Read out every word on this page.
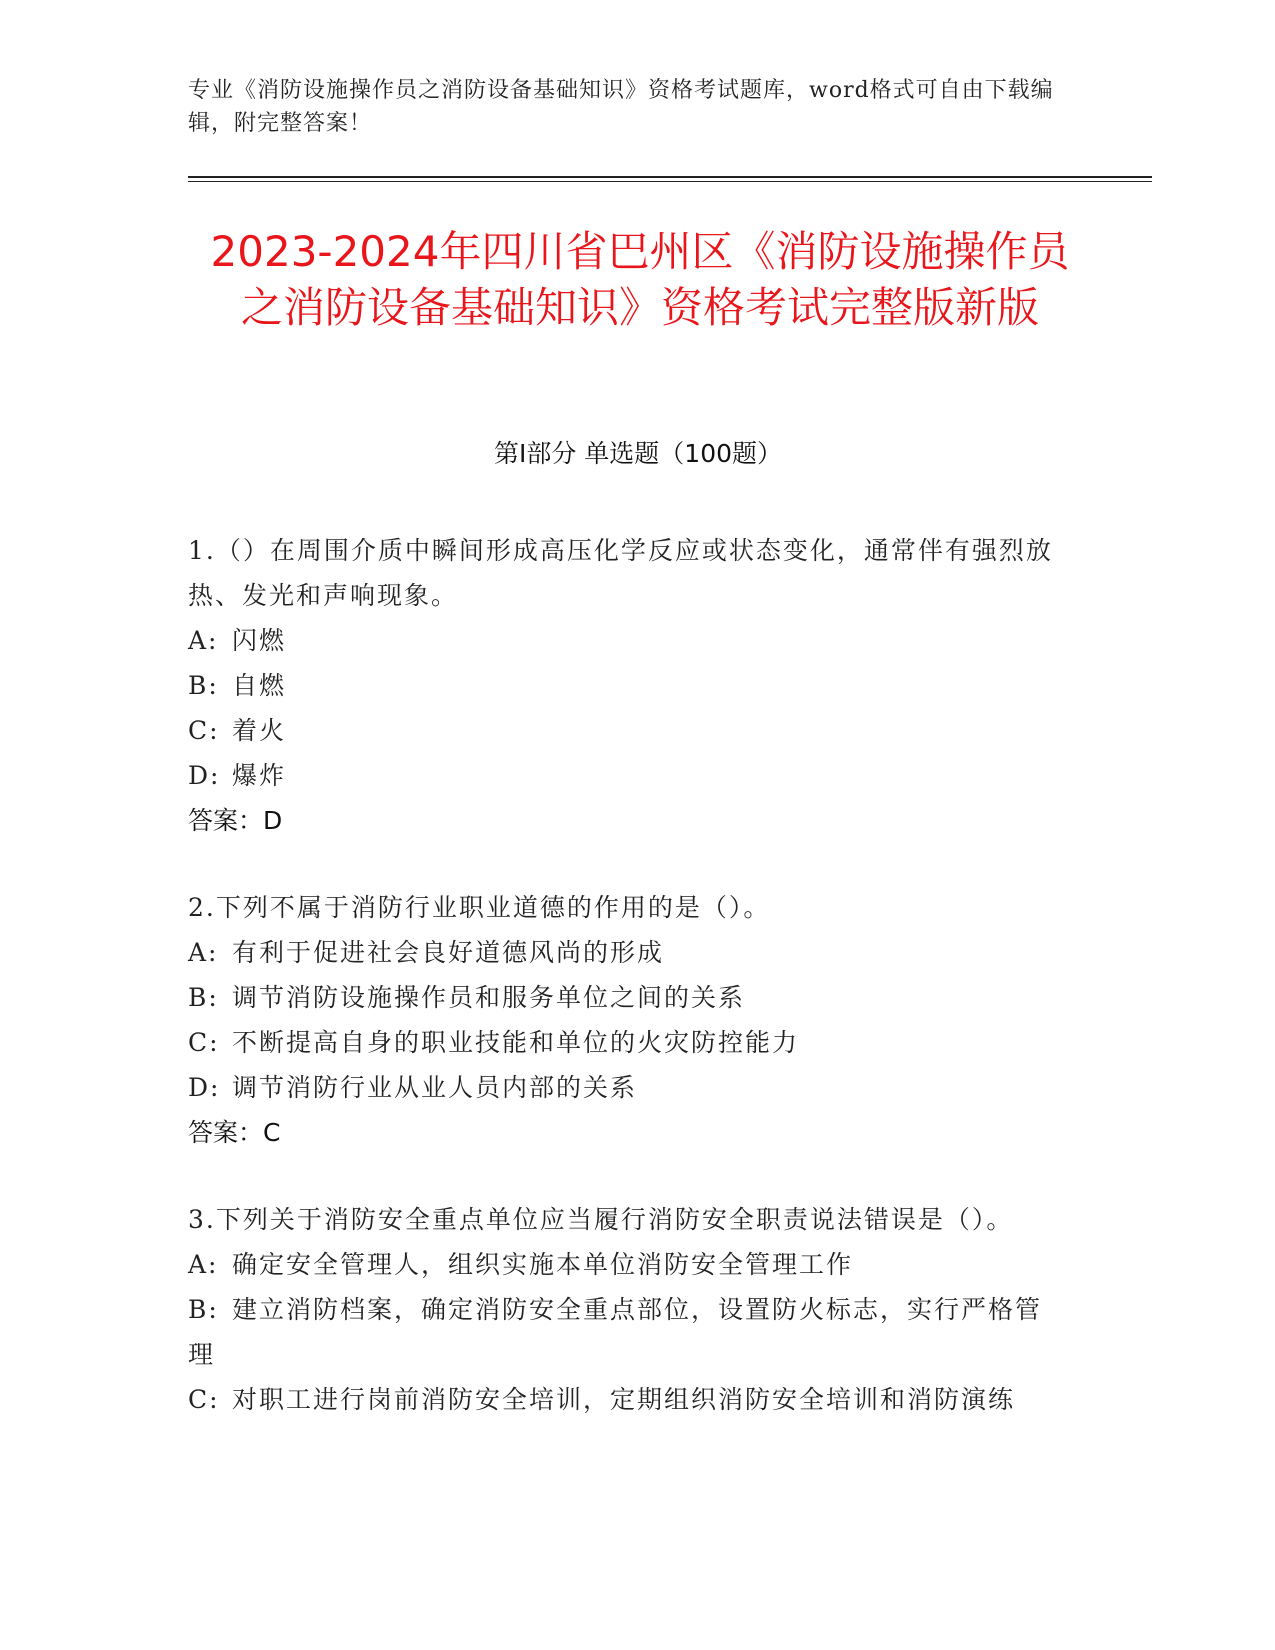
专业《消防设施操作员之消防设备基础知识》资格考试题库，word格式可自由下载编辑，附完整答案！
2023-2024年四川省巴州区《消防设施操作员之消防设备基础知识》资格考试完整版新版
第Ⅰ部分 单选题（100题）
1.（）在周围介质中瞬间形成高压化学反应或状态变化，通常伴有强烈放热、发光和声响现象。
A: 闪燃
B: 自燃
C: 着火
D: 爆炸
答案：D
2.下列不属于消防行业职业道德的作用的是（）。
A: 有利于促进社会良好道德风尚的形成
B: 调节消防设施操作员和服务单位之间的关系
C: 不断提高自身的职业技能和单位的火灾防控能力
D: 调节消防行业从业人员内部的关系
答案：C
3.下列关于消防安全重点单位应当履行消防安全职责说法错误是（）。
A: 确定安全管理人，组织实施本单位消防安全管理工作
B: 建立消防档案，确定消防安全重点部位，设置防火标志，实行严格管理
C: 对职工进行岗前消防安全培训，定期组织消防安全培训和消防演练
